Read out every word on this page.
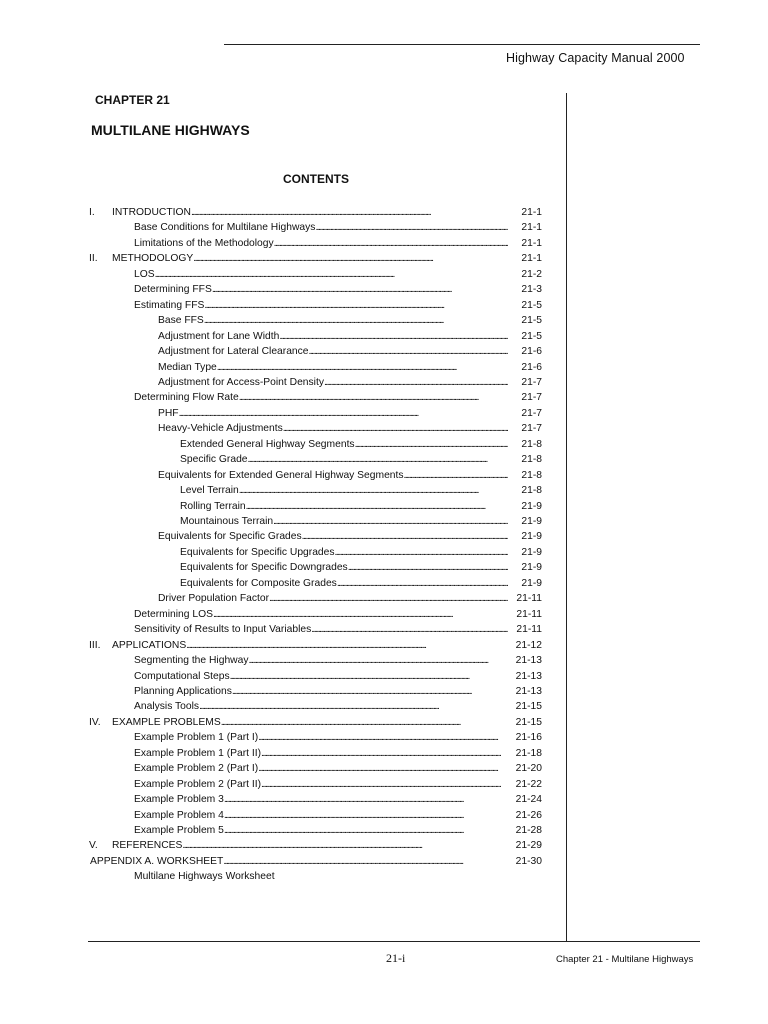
Highway Capacity Manual 2000
CHAPTER 21
MULTILANE HIGHWAYS
CONTENTS
I. INTRODUCTION . . .	21-1
Base Conditions for Multilane Highways . . .	21-1
Limitations of the Methodology . . .	21-1
II. METHODOLOGY . . .	21-1
LOS . . .	21-2
Determining FFS . . .	21-3
Estimating FFS . . .	21-5
Base FFS . . .	21-5
Adjustment for Lane Width . . .	21-5
Adjustment for Lateral Clearance . . .	21-6
Median Type . . .	21-6
Adjustment for Access-Point Density . . .	21-7
Determining Flow Rate . . .	21-7
PHF . . .	21-7
Heavy-Vehicle Adjustments . . .	21-7
Extended General Highway Segments . . .	21-8
Specific Grade . . .	21-8
Equivalents for Extended General Highway Segments . . .	21-8
Level Terrain . . .	21-8
Rolling Terrain . . .	21-9
Mountainous Terrain . . .	21-9
Equivalents for Specific Grades . . .	21-9
Equivalents for Specific Upgrades . . .	21-9
Equivalents for Specific Downgrades . . .	21-9
Equivalents for Composite Grades . . .	21-9
Driver Population Factor . . .	21-11
Determining LOS . . .	21-11
Sensitivity of Results to Input Variables . . .	21-11
III. APPLICATIONS . . .	21-12
Segmenting the Highway . . .	21-13
Computational Steps . . .	21-13
Planning Applications . . .	21-13
Analysis Tools . . .	21-15
IV. EXAMPLE PROBLEMS . . .	21-15
Example Problem 1 (Part I) . . .	21-16
Example Problem 1 (Part II) . . .	21-18
Example Problem 2 (Part I) . . .	21-20
Example Problem 2 (Part II) . . .	21-22
Example Problem 3 . . .	21-24
Example Problem 4 . . .	21-26
Example Problem 5 . . .	21-28
V. REFERENCES . . .	21-29
APPENDIX A. WORKSHEET . . .	21-30
Multilane Highways Worksheet
21-i	Chapter 21 - Multilane Highways
